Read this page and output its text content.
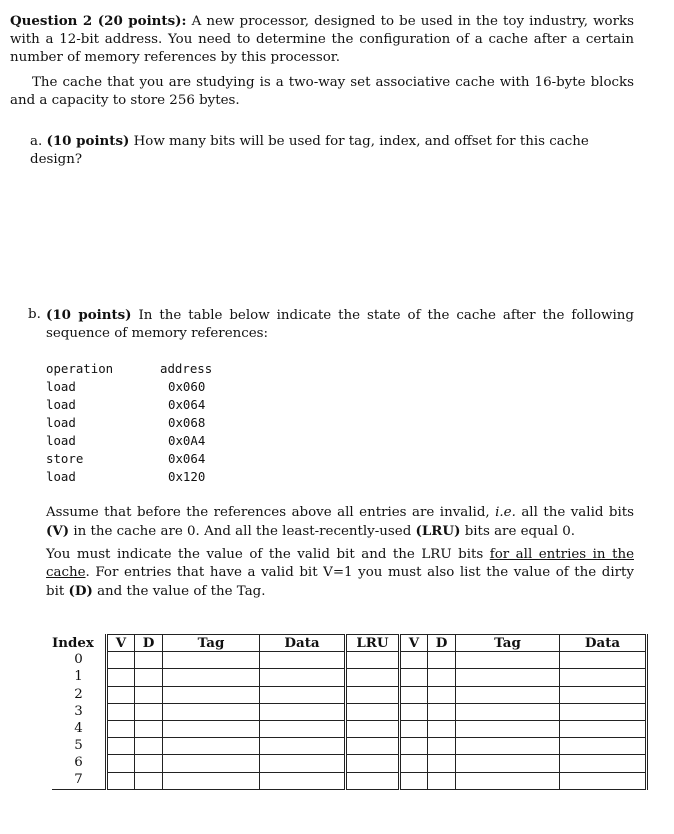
Question 2 (20 points): A new processor, designed to be used in the toy industry, works with a 12-bit address. You need to determine the configuration of a cache after a certain number of memory references by this processor.

The cache that you are studying is a two-way set associative cache with 16-byte blocks and a capacity to store 256 bytes.

a. (10 points) How many bits will be used for tag, index, and offset for this cache design?

b. (10 points) In the table below indicate the state of the cache after the following sequence of memory references:

operation	address
load	0x060
load	0x064
load	0x068
load	0x0A4
store	0x064
load	0x120

Assume that before the references above all entries are invalid, i.e. all the valid bits (V) in the cache are 0. And all the least-recently-used (LRU) bits are equal 0.

You must indicate the value of the valid bit and the LRU bits for all entries in the cache. For entries that have a valid bit V=1 you must also list the value of the dirty bit (D) and the value of the Tag.

Index	V	D	Tag	Data	LRU	V	D	Tag	Data
0									
1									
2									
3									
4									
5									
6									
7									
